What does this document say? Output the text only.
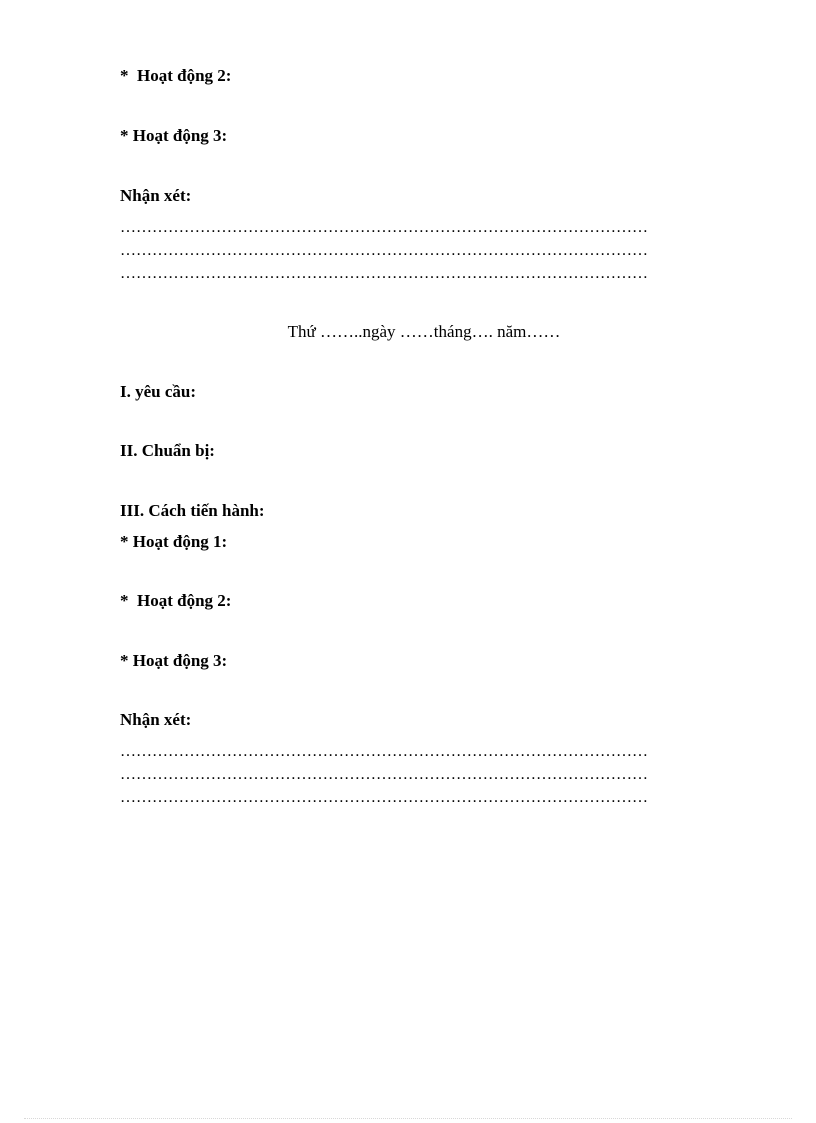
*  Hoạt động 2:
* Hoạt động 3:
Nhận xét:
………………………………………………………………………………………
………………………………………………………………………………………
………………………………………………………………………………………
Thứ ……..ngày ……tháng…. năm……
I. yêu cầu:
II. Chuẩn bị:
III. Cách tiến hành:
* Hoạt động 1:
*  Hoạt động 2:
* Hoạt động 3:
Nhận xét:
………………………………………………………………………………………
………………………………………………………………………………………
………………………………………………………………………………………
